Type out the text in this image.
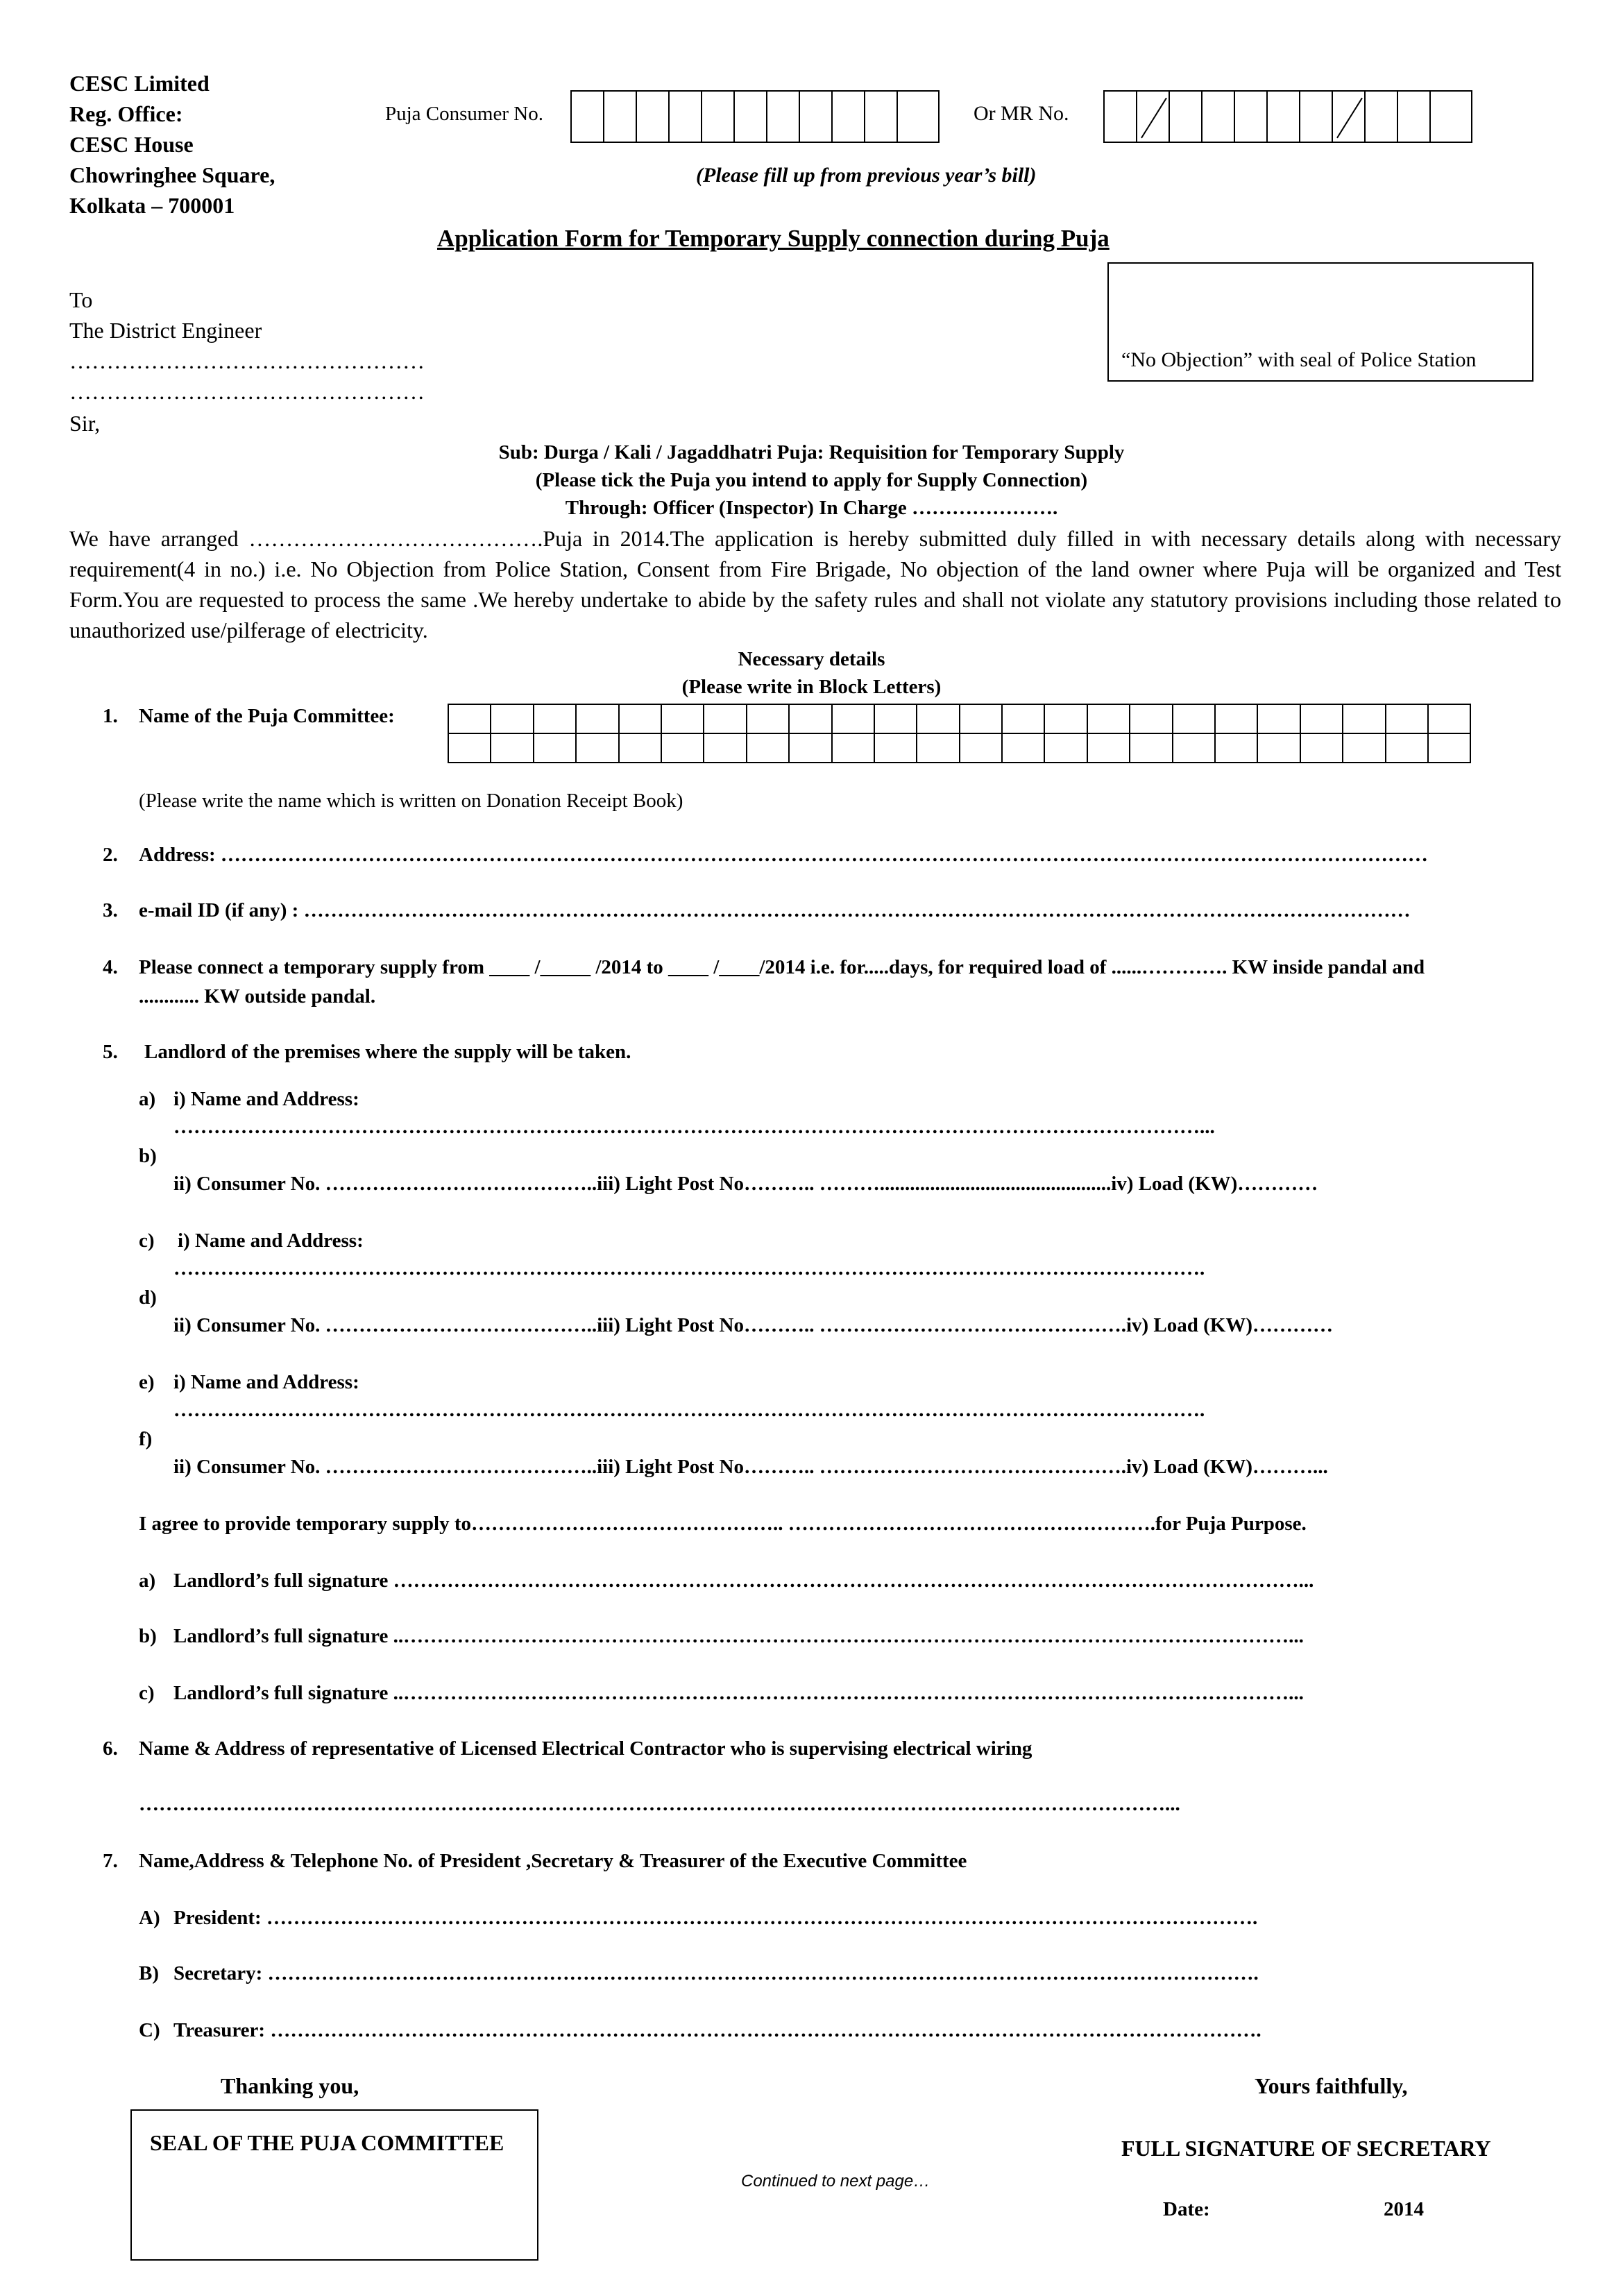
CESC Limited
Reg. Office:
CESC House
Chowringhee Square,
Kolkata – 700001
Puja Consumer No.	Or MR No.
(Please fill up from previous year’s bill)
Application Form for Temporary Supply connection during Puja
To
The District Engineer
…………………………………………
…………………………………………
Sir,
“No Objection” with seal of Police Station
Sub: Durga / Kali / Jagaddhatri Puja: Requisition for Temporary Supply
(Please tick the Puja you intend to apply for Supply Connection)
Through: Officer (Inspector) In Charge ………………….
We have arranged ………………………………….Puja in 2014.The application is hereby submitted duly filled in with necessary details along with necessary requirement(4 in no.) i.e. No Objection from Police Station, Consent from Fire Brigade, No objection of the land owner where Puja will be organized and Test Form.You are requested to process the same .We hereby undertake to abide by the safety rules and shall not violate any statutory provisions including those related to unauthorized use/pilferage of electricity.
Necessary details
(Please write in Block Letters)
1. Name of the Puja Committee:

(Please write the name which is written on Donation Receipt Book)
2. Address: ………………………………………………………………………………………………………………………………………………………………
3. e-mail ID (if any) : …………………………………………………………………………………………………………………………………………………
4. Please connect a temporary supply from ____ /_____ /2014 to ____ /____/2014 i.e. for.....days, for required load of ......…………. KW inside pandal and
............ KW outside pandal.
5. Landlord of the premises where the supply will be taken.
a) i) Name and Address:
………………………………………………………………………………………………………………………………………...
b)
ii) Consumer No. …………………………………..iii) Light Post No……….. ………..............................................iv) Load (KW)…………
c) i) Name and Address:
……………………………………………………………………………………………………………………………………….
d)
ii) Consumer No. …………………………………..iii) Light Post No……….. ……………………………………….iv) Load (KW)…………
e) i) Name and Address:
……………………………………………………………………………………………………………………………………….
f)
ii) Consumer No. …………………………………..iii) Light Post No……….. ……………………………………….iv) Load (KW)………...
I agree to provide temporary supply to……………………………………….. ……………………………………………….for Puja Purpose.
a) Landlord’s full signature ………………………………………………………………………………………………………………………...
b) Landlord’s full signature ..……………………………………………………………………………………………………………………...
c) Landlord’s full signature ..……………………………………………………………………………………………………………………...
6. Name & Address of representative of Licensed Electrical Contractor who is supervising electrical wiring
………………………………………………………………………………………………………………………………………...
7. Name,Address & Telephone No. of President ,Secretary & Treasurer of the Executive Committee
A) President: ………………………………………………………………………………………………………………………………….
B) Secretary: ………………………………………………………………………………………………………………………………….
C) Treasurer: ………………………………………………………………………………………………………………………………….
Thanking you,	Yours faithfully,
SEAL OF THE PUJA COMMITTEE	FULL SIGNATURE OF SECRETARY
Continued to next page…
Date:	2014
